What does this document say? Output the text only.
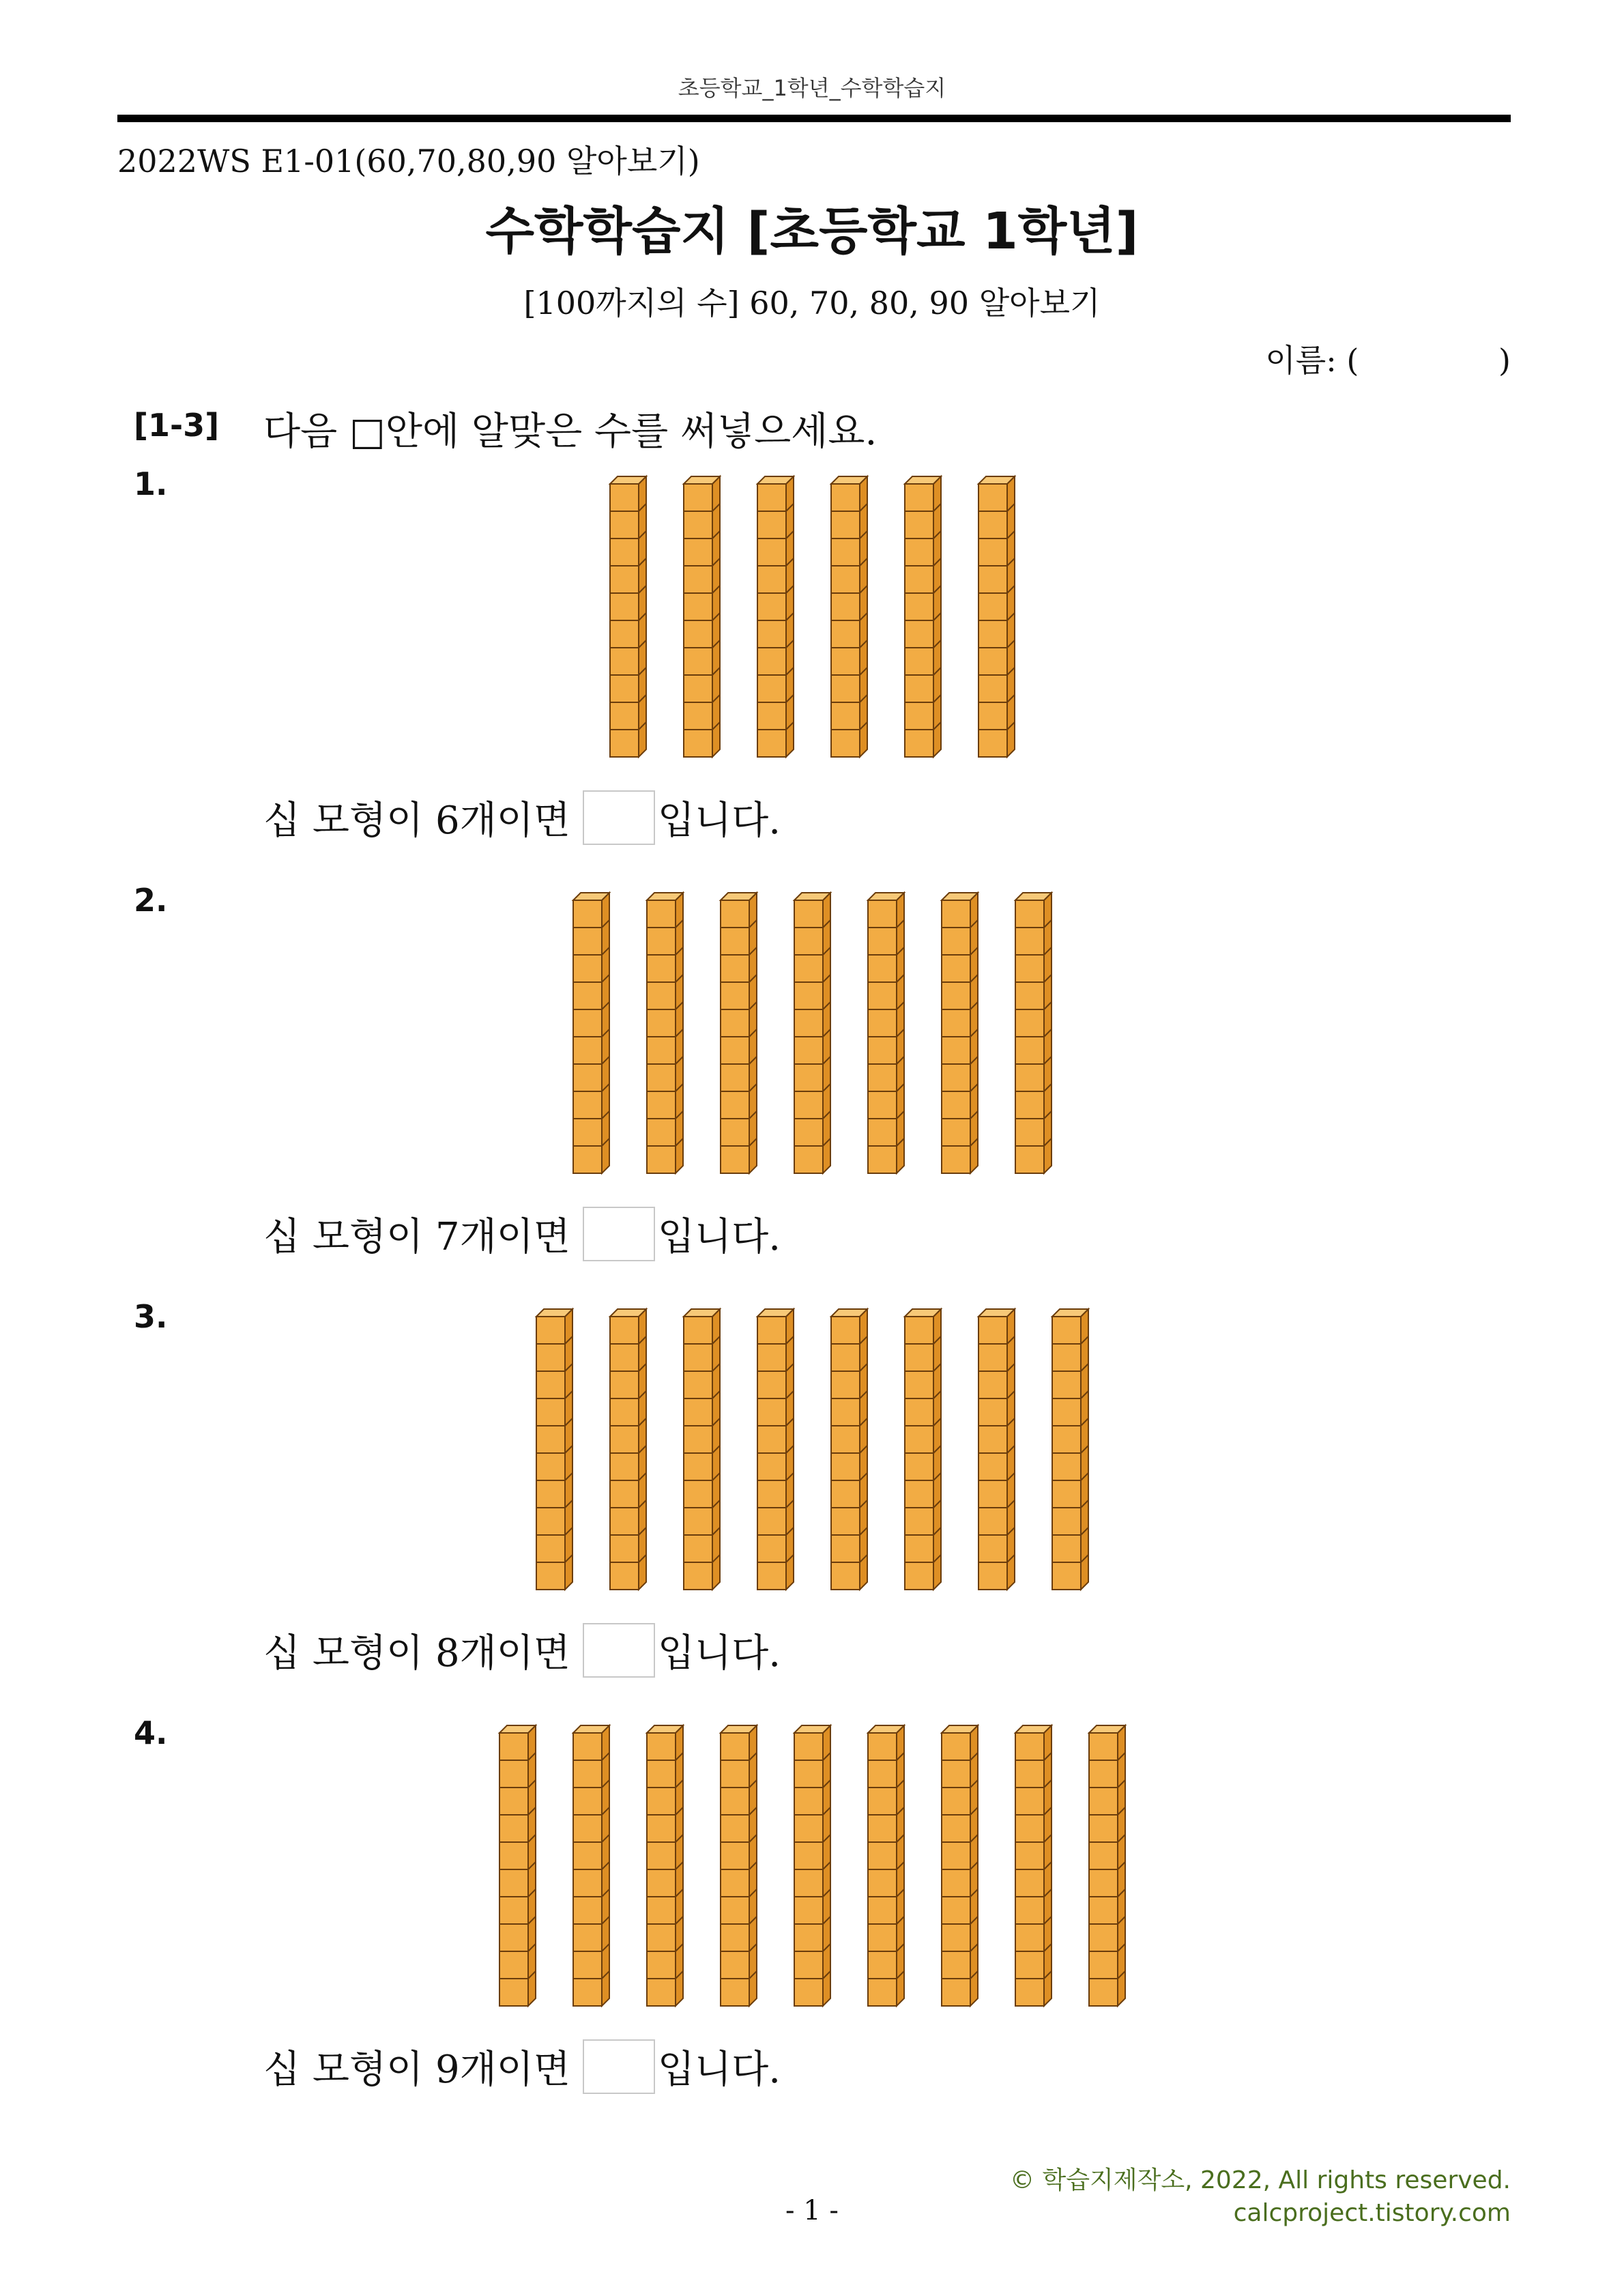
초등학교_1학년_수학학습지
2022WS E1-01(60,70,80,90 알아보기)
수학학습지 [초등학교 1학년]
[100까지의 수] 60, 70, 80, 90 알아보기
이름: (	)
[1-3] 다음 □안에 알맞은 수를 써넣으세요.
1.
십 모형이 6개이면 입니다.
2.
십 모형이 7개이면 입니다.
3.
십 모형이 8개이면 입니다.
4.
십 모형이 9개이면 입니다.
© 학습지제작소, 2022, All rights reserved.
calcproject.tistory.com
- 1 -
